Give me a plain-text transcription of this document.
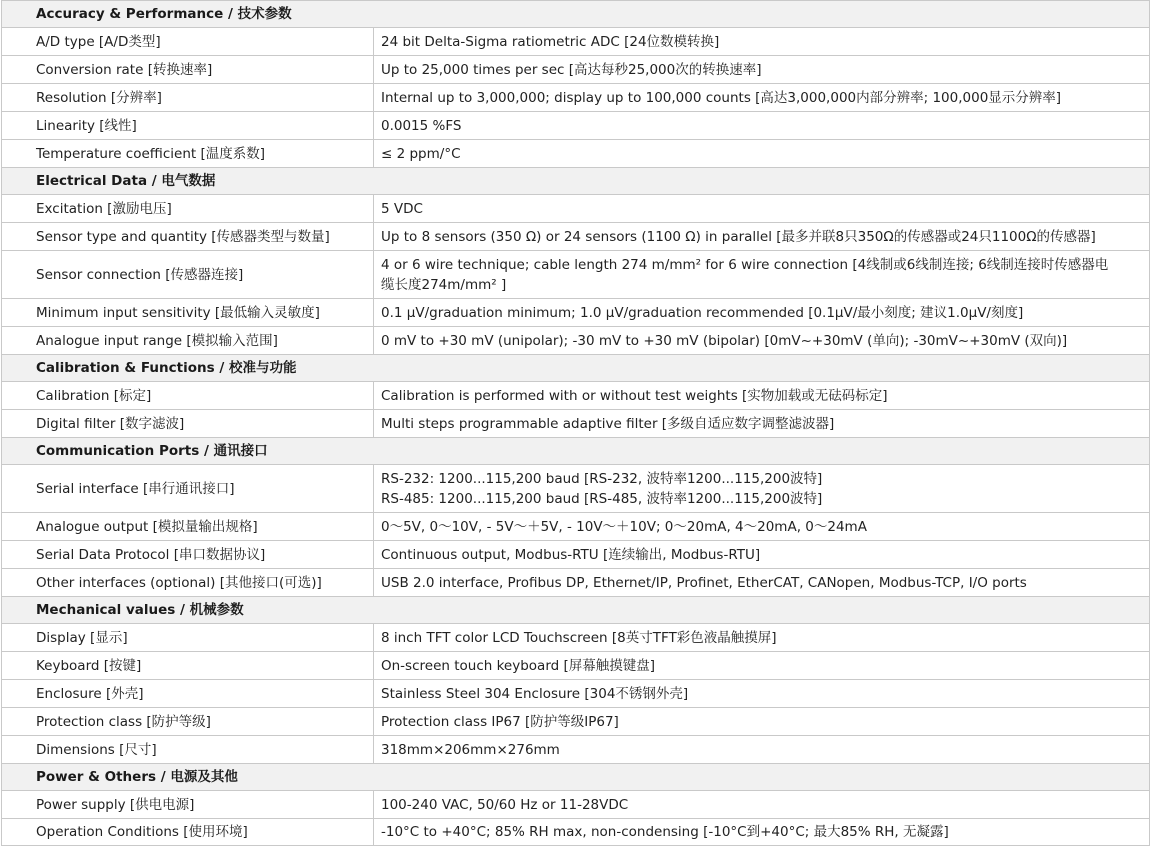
Accuracy & Performance / 技术参数	
A/D type [A/D类型]	24 bit Delta-Sigma ratiometric ADC [24位数模转换]

Conversion rate [转换速率]	Up to 25,000 times per sec [高达每秒25,000次的转换速率]

Resolution [分辨率]	Internal up to 3,000,000; display up to 100,000 counts [高达3,000,000内部分辨率; 100,000显示分辨率]

Linearity [线性]	0.0015 %FS

Temperature coefficient [温度系数]	≤ 2 ppm/°C

Electrical Data / 电气数据	
Excitation [激励电压]	5 VDC

Sensor type and quantity [传感器类型与数量]	Up to 8 sensors (350 Ω) or 24 sensors (1100 Ω) in parallel [最多并联8只350Ω的传感器或24只1100Ω的传感器]

Sensor connection [传感器连接]	4 or 6 wire technique; cable length 274 m/mm² for 6 wire connection [4线制或6线制连接; 6线制连接时传感器电
缆长度274m/mm² ]

Minimum input sensitivity [最低输入灵敏度]	0.1 μV/graduation minimum; 1.0 μV/graduation recommended [0.1μV/最小刻度; 建议1.0μV/刻度]

Analogue input range [模拟输入范围]	0 mV to +30 mV (unipolar); -30 mV to +30 mV (bipolar) [0mV~+30mV (单向); -30mV~+30mV (双向)]

Calibration & Functions / 校准与功能	
Calibration [标定]	Calibration is performed with or without test weights [实物加载或无砝码标定]

Digital filter [数字滤波]	Multi steps programmable adaptive filter [多级自适应数字调整滤波器]

Communication Ports / 通讯接口	
Serial interface [串行通讯接口]	RS-232: 1200...115,200 baud [RS-232, 波特率1200...115,200波特]
RS-485: 1200...115,200 baud [RS-485, 波特率1200...115,200波特]

Analogue output [模拟量输出规格]	0～5V, 0～10V, - 5V～＋5V, - 10V～＋10V; 0～20mA, 4～20mA, 0～24mA

Serial Data Protocol [串口数据协议]	Continuous output, Modbus-RTU [连续输出, Modbus-RTU]

Other interfaces (optional) [其他接口(可选)]	USB 2.0 interface, Profibus DP, Ethernet/IP, Profinet, EtherCAT, CANopen, Modbus-TCP, I/O ports

Mechanical values / 机械参数	
Display [显示]	8 inch TFT color LCD Touchscreen [8英寸TFT彩色液晶触摸屏]

Keyboard [按键]	On-screen touch keyboard [屏幕触摸键盘]

Enclosure [外壳]	Stainless Steel 304 Enclosure [304不锈钢外壳]

Protection class [防护等级]	Protection class IP67 [防护等级IP67]

Dimensions [尺寸]	318mm×206mm×276mm

Power & Others / 电源及其他	
Power supply [供电电源]	100-240 VAC, 50/60 Hz or 11-28VDC

Operation Conditions [使用环境]	-10°C to +40°C; 85% RH max, non-condensing [-10°C到+40°C; 最大85% RH, 无凝露]
